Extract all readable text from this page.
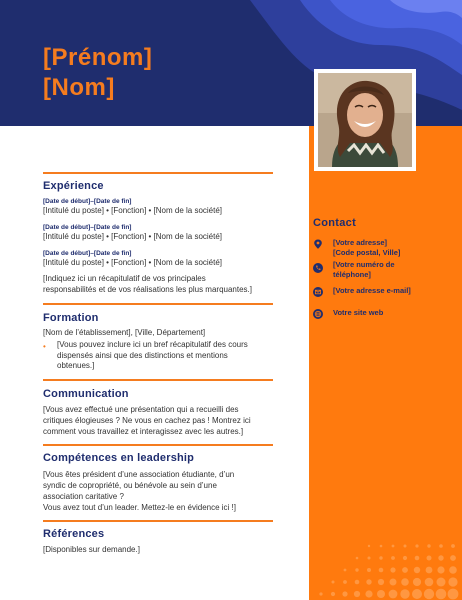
[Prénom]
[Nom]
Contact
[Votre adresse]
[Code postal, Ville]
[Votre numéro de
téléphone]
[Votre adresse e-mail]
Votre site web
Expérience
[Date de début]–[Date de fin]
[Intitulé du poste] • [Fonction] • [Nom de la société]
[Date de début]–[Date de fin]
[Intitulé du poste] • [Fonction] • [Nom de la société]
[Date de début]–[Date de fin]
[Intitulé du poste] • [Fonction] • [Nom de la société]
[Indiquez ici un récapitulatif de vos principales
responsabilités et de vos réalisations les plus marquantes.]
Formation
[Nom de l’établissement], [Ville, Département]
• [Vous pouvez inclure ici un bref récapitulatif des cours
dispensés ainsi que des distinctions et mentions
obtenues.]
Communication
[Vous avez effectué une présentation qui a recueilli des
critiques élogieuses ? Ne vous en cachez pas ! Montrez ici
comment vous travaillez et interagissez avec les autres.]
Compétences en leadership
[Vous êtes président d’une association étudiante, d’un
syndic de copropriété, ou bénévole au sein d’une
association caritative ?
Vous avez tout d’un leader. Mettez-le en évidence ici !]
Références
[Disponibles sur demande.]
